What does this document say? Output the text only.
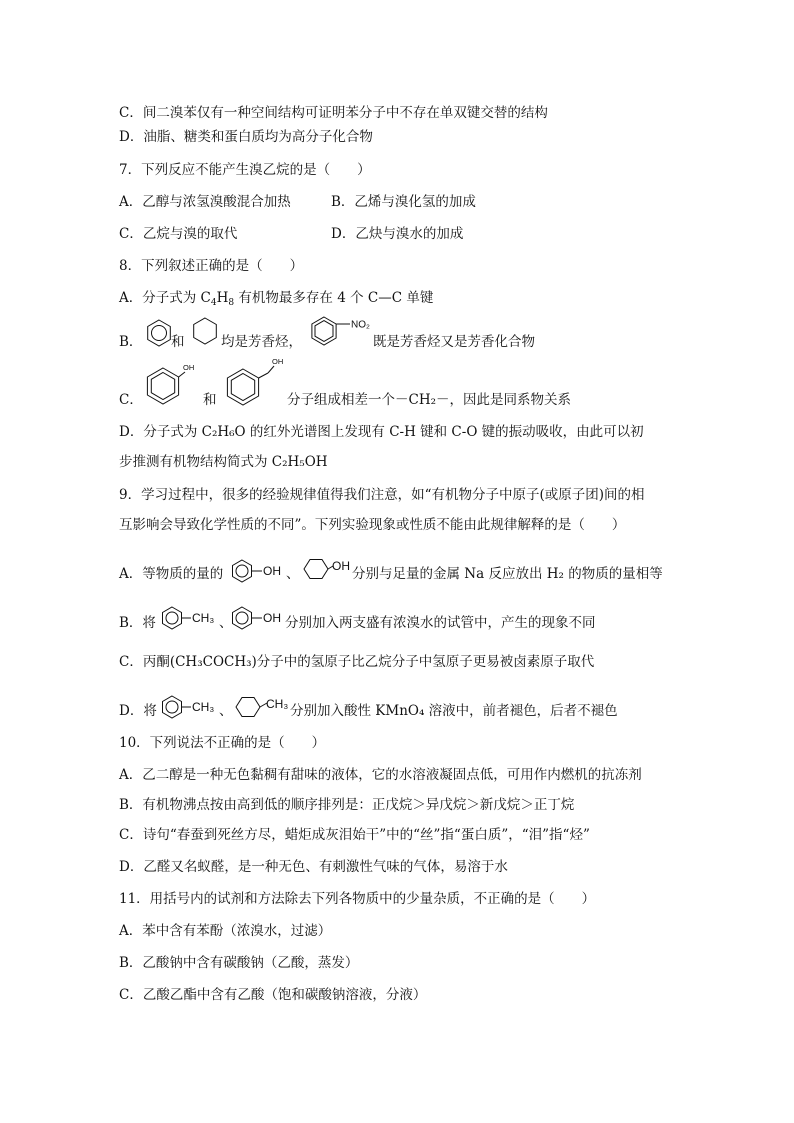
C．间二溴苯仅有一种空间结构可证明苯分子中不存在单双键交替的结构
D．油脂、糖类和蛋白质均为高分子化合物
7．下列反应不能产生溴乙烷的是（　　）
A．乙醇与浓氢溴酸混合加热	B．乙烯与溴化氢的加成
C．乙烷与溴的取代	D．乙炔与溴水的加成
8．下列叙述正确的是（　　）
A．分子式为 $C_4H_8$ 有机物最多存在 4 个 C—C 单键
B． 和	均是芳香烃，
NO₂
既是芳香烃又是芳香化合物
C．
OH
和
OH
分子组成相差一个－CH₂－，因此是同系物关系
D．分子式为 C₂H₆O 的红外光谱图上发现有 C-H 键和 C-O 键的振动吸收，由此可以初
步推测有机物结构简式为 C₂H₅OH
9．学习过程中，很多的经验规律值得我们注意，如“有机物分子中原子(或原子团)间的相
互影响会导致化学性质的不同”。下列实验现象或性质不能由此规律解释的是（　　）
A．等物质的量的	OH 、	OH 分别与足量的金属 Na 反应放出 H₂ 的物质的量相等
B．将	CH₃ 、	OH 分别加入两支盛有浓溴水的试管中，产生的现象不同
C．丙酮(CH₃COCH₃)分子中的氢原子比乙烷分子中氢原子更易被卤素原子取代
D．将	CH₃ 、	CH₃ 分别加入酸性 KMnO₄ 溶液中，前者褪色，后者不褪色
10．下列说法不正确的是（　　）
A．乙二醇是一种无色黏稠有甜味的液体，它的水溶液凝固点低，可用作内燃机的抗冻剂
B．有机物沸点按由高到低的顺序排列是：正戊烷＞异戊烷＞新戊烷＞正丁烷
C．诗句“春蚕到死丝方尽，蜡炬成灰泪始干”中的“丝”指“蛋白质”，“泪”指“烃”
D．乙醛又名蚁醛，是一种无色、有刺激性气味的气体，易溶于水
11．用括号内的试剂和方法除去下列各物质中的少量杂质，不正确的是（　　）
A．苯中含有苯酚（浓溴水，过滤）
B．乙酸钠中含有碳酸钠（乙酸，蒸发）
C．乙酸乙酯中含有乙酸（饱和碳酸钠溶液，分液）
